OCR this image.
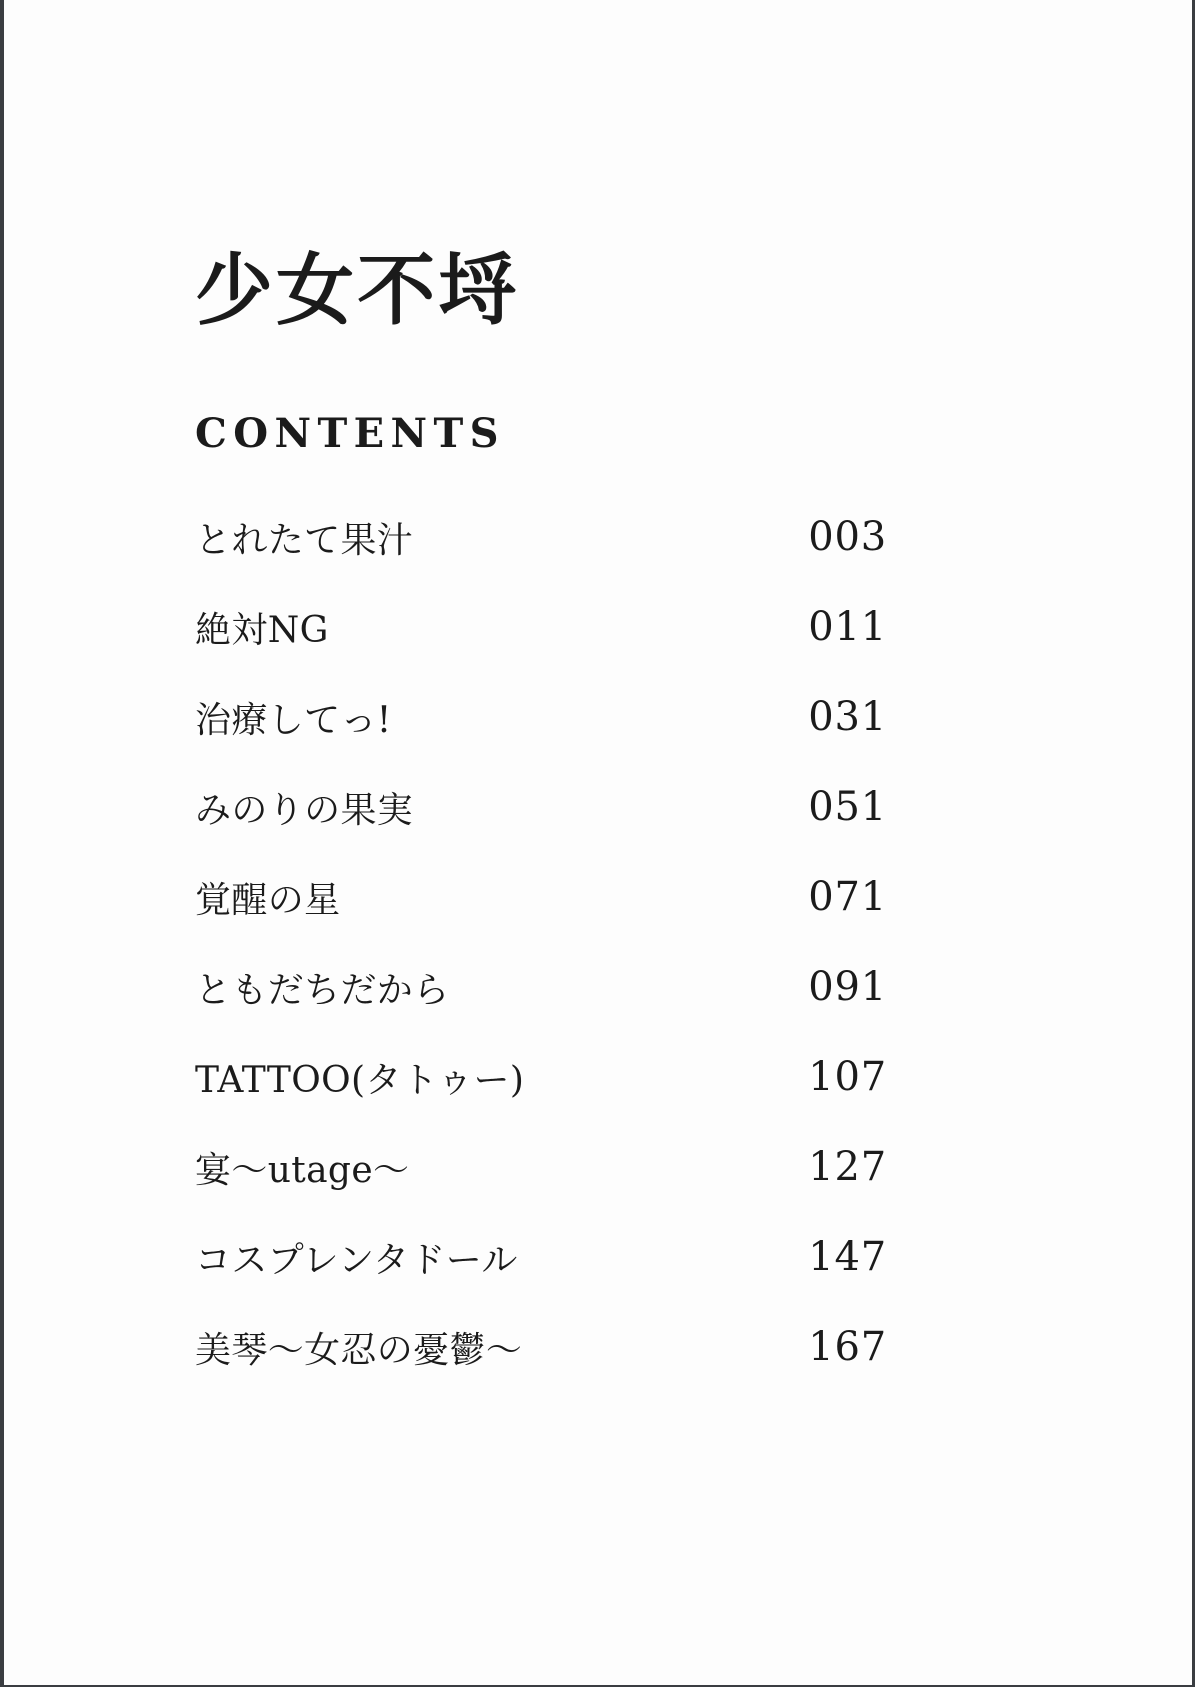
少女不埒
CONTENTS
とれたて果汁	003
絶対NG	011
治療してっ!	031
みのりの果実	051
覚醒の星	071
ともだちだから	091
TATTOO(タトゥー)	107
宴〜utage〜	127
コスプレンタドール	147
美琴〜女忍の憂鬱〜	167
